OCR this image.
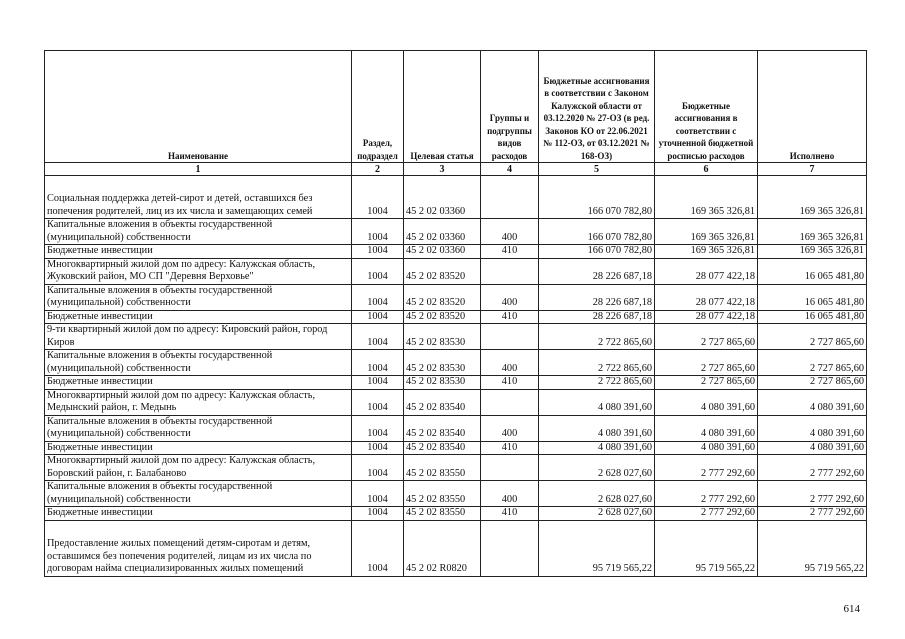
Наименование	Раздел, подраздел	Целевая статья	Группы и подгруппы видов расходов	Бюджетные ассигнования в соответствии с Законом Калужской области от 03.12.2020 № 27-ОЗ (в ред. Законов КО от 22.06.2021 № 112-ОЗ, от 03.12.2021 № 168-ОЗ)	Бюджетные ассигнования в соответствии с уточненной бюджетной росписью расходов	Исполнено
1	2	3	4	5	6	7
Социальная поддержка детей-сирот и детей, оставшихся без попечения родителей, лиц из их числа и замещающих семей	1004	45 2 02 03360		166 070 782,80	169 365 326,81	169 365 326,81
Капитальные вложения в объекты государственной (муниципальной) собственности	1004	45 2 02 03360	400	166 070 782,80	169 365 326,81	169 365 326,81
Бюджетные инвестиции	1004	45 2 02 03360	410	166 070 782,80	169 365 326,81	169 365 326,81
Многоквартирный жилой дом по адресу: Калужская область, Жуковский район, МО СП "Деревня Верховье"	1004	45 2 02 83520		28 226 687,18	28 077 422,18	16 065 481,80
Капитальные вложения в объекты государственной (муниципальной) собственности	1004	45 2 02 83520	400	28 226 687,18	28 077 422,18	16 065 481,80
Бюджетные инвестиции	1004	45 2 02 83520	410	28 226 687,18	28 077 422,18	16 065 481,80
9-ти квартирный жилой дом по адресу: Кировский район, город Киров	1004	45 2 02 83530		2 722 865,60	2 727 865,60	2 727 865,60
Капитальные вложения в объекты государственной (муниципальной) собственности	1004	45 2 02 83530	400	2 722 865,60	2 727 865,60	2 727 865,60
Бюджетные инвестиции	1004	45 2 02 83530	410	2 722 865,60	2 727 865,60	2 727 865,60
Многоквартирный жилой дом по адресу: Калужская область, Медынский район, г. Медынь	1004	45 2 02 83540		4 080 391,60	4 080 391,60	4 080 391,60
Капитальные вложения в объекты государственной (муниципальной) собственности	1004	45 2 02 83540	400	4 080 391,60	4 080 391,60	4 080 391,60
Бюджетные инвестиции	1004	45 2 02 83540	410	4 080 391,60	4 080 391,60	4 080 391,60
Многоквартирный жилой дом по адресу: Калужская область, Боровский район, г. Балабаново	1004	45 2 02 83550		2 628 027,60	2 777 292,60	2 777 292,60
Капитальные вложения в объекты государственной (муниципальной) собственности	1004	45 2 02 83550	400	2 628 027,60	2 777 292,60	2 777 292,60
Бюджетные инвестиции	1004	45 2 02 83550	410	2 628 027,60	2 777 292,60	2 777 292,60
Предоставление жилых помещений детям-сиротам и детям, оставшимся без попечения родителей, лицам из их числа по договорам найма специализированных жилых помещений	1004	45 2 02 R0820		95 719 565,22	95 719 565,22	95 719 565,22
614
